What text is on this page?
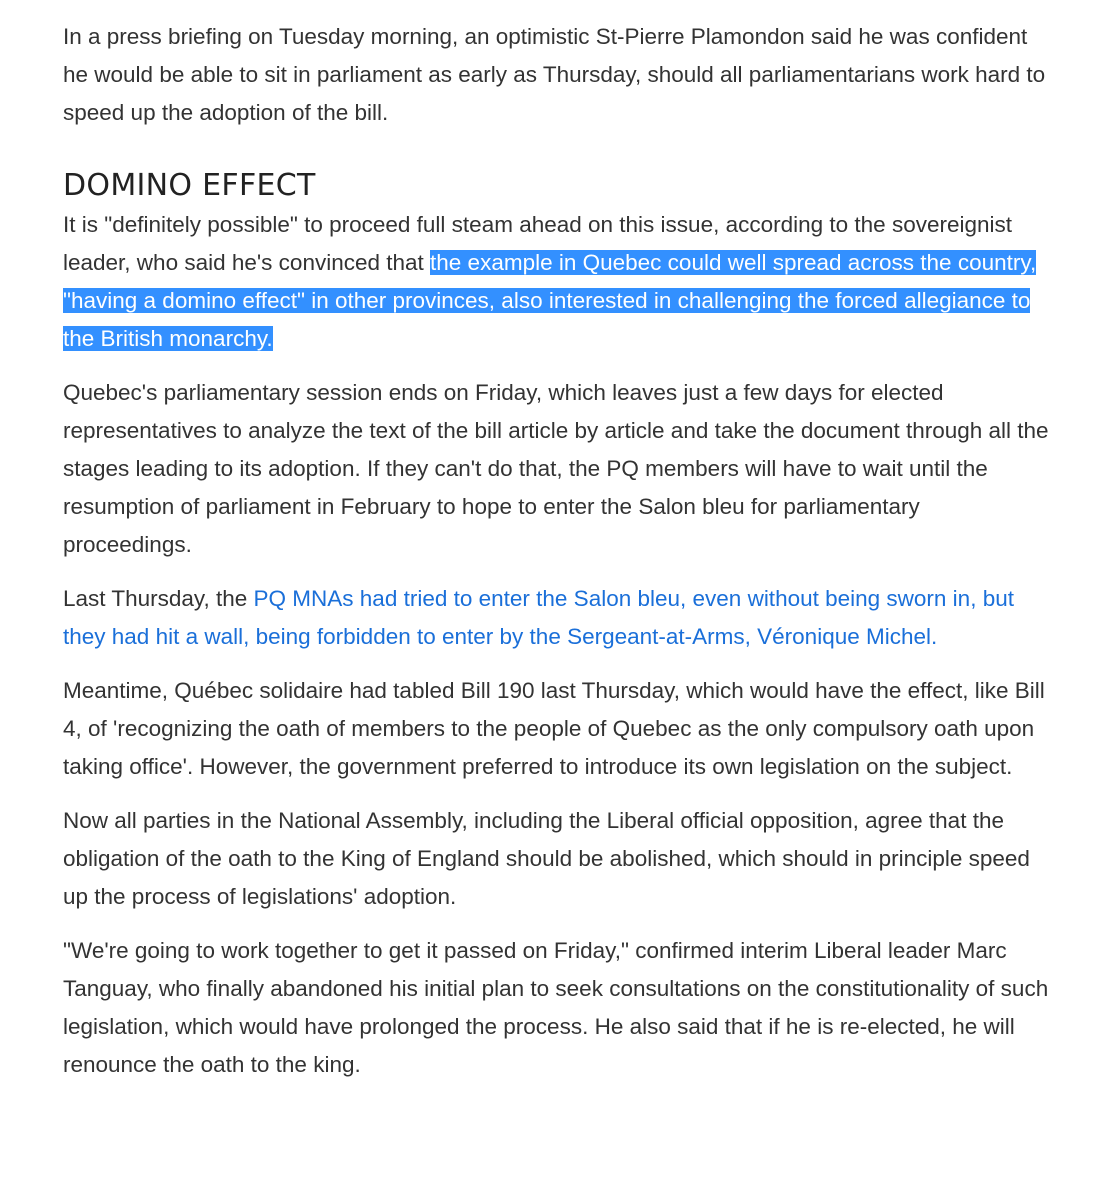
In a press briefing on Tuesday morning, an optimistic St-Pierre Plamondon said he was confident he would be able to sit in parliament as early as Thursday, should all parliamentarians work hard to speed up the adoption of the bill.

DOMINO EFFECT

It is "definitely possible" to proceed full steam ahead on this issue, according to the sovereignist leader, who said he's convinced that the example in Quebec could well spread across the country, "having a domino effect" in other provinces, also interested in challenging the forced allegiance to the British monarchy.

Quebec's parliamentary session ends on Friday, which leaves just a few days for elected representatives to analyze the text of the bill article by article and take the document through all the stages leading to its adoption. If they can't do that, the PQ members will have to wait until the resumption of parliament in February to hope to enter the Salon bleu for parliamentary proceedings.

Last Thursday, the PQ MNAs had tried to enter the Salon bleu, even without being sworn in, but they had hit a wall, being forbidden to enter by the Sergeant-at-Arms, Véronique Michel.

Meantime, Québec solidaire had tabled Bill 190 last Thursday, which would have the effect, like Bill 4, of 'recognizing the oath of members to the people of Quebec as the only compulsory oath upon taking office'. However, the government preferred to introduce its own legislation on the subject.

Now all parties in the National Assembly, including the Liberal official opposition, agree that the obligation of the oath to the King of England should be abolished, which should in principle speed up the process of legislations' adoption.

"We're going to work together to get it passed on Friday," confirmed interim Liberal leader Marc Tanguay, who finally abandoned his initial plan to seek consultations on the constitutionality of such legislation, which would have prolonged the process. He also said that if he is re-elected, he will renounce the oath to the king.
